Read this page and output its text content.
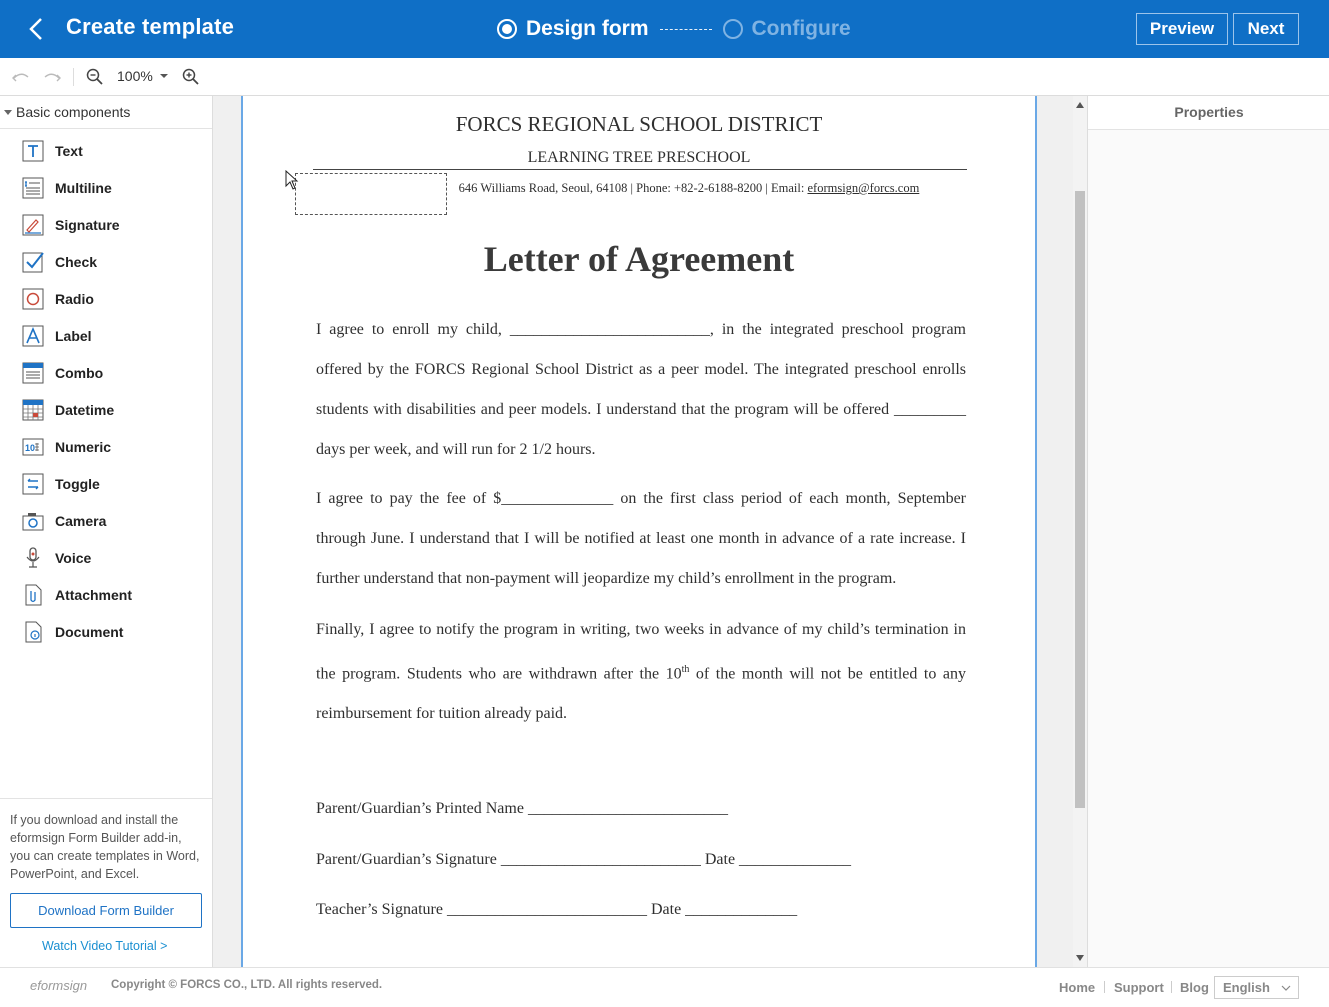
Create template	Design form	Configure	Preview	Next
100%
Basic components
Text
Multiline
Signature
Check
Radio
Label
Combo
Datetime
10 Numeric
Toggle
Camera
Voice
Attachment
Document
If you download and install the eformsign Form Builder add-in, you can create templates in Word, PowerPoint, and Excel.
Download Form Builder
Watch Video Tutorial >
FORCS REGIONAL SCHOOL DISTRICT
LEARNING TREE PRESCHOOL
646 Williams Road, Seoul, 64108 | Phone: +82-2-6188-8200 | Email: eformsign@forcs.com
Letter of Agreement
I agree to enroll my child, _________________________, in the integrated preschool program offered by the FORCS Regional School District as a peer model. The integrated preschool enrolls students with disabilities and peer models. I understand that the program will be offered _________ days per week, and will run for 2 1/2 hours.
I agree to pay the fee of $______________ on the first class period of each month, September through June. I understand that I will be notified at least one month in advance of a rate increase. I further understand that non-payment will jeopardize my child’s enrollment in the program.
Finally, I agree to notify the program in writing, two weeks in advance of my child’s termination in the program. Students who are withdrawn after the 10th of the month will not be entitled to any reimbursement for tuition already paid.
Parent/Guardian’s Printed Name _________________________
Parent/Guardian’s Signature _________________________ Date ______________
Teacher’s Signature _________________________ Date ______________
Properties
eformsign Copyright © FORCS CO., LTD. All rights reserved.	Home Support Blog	English
